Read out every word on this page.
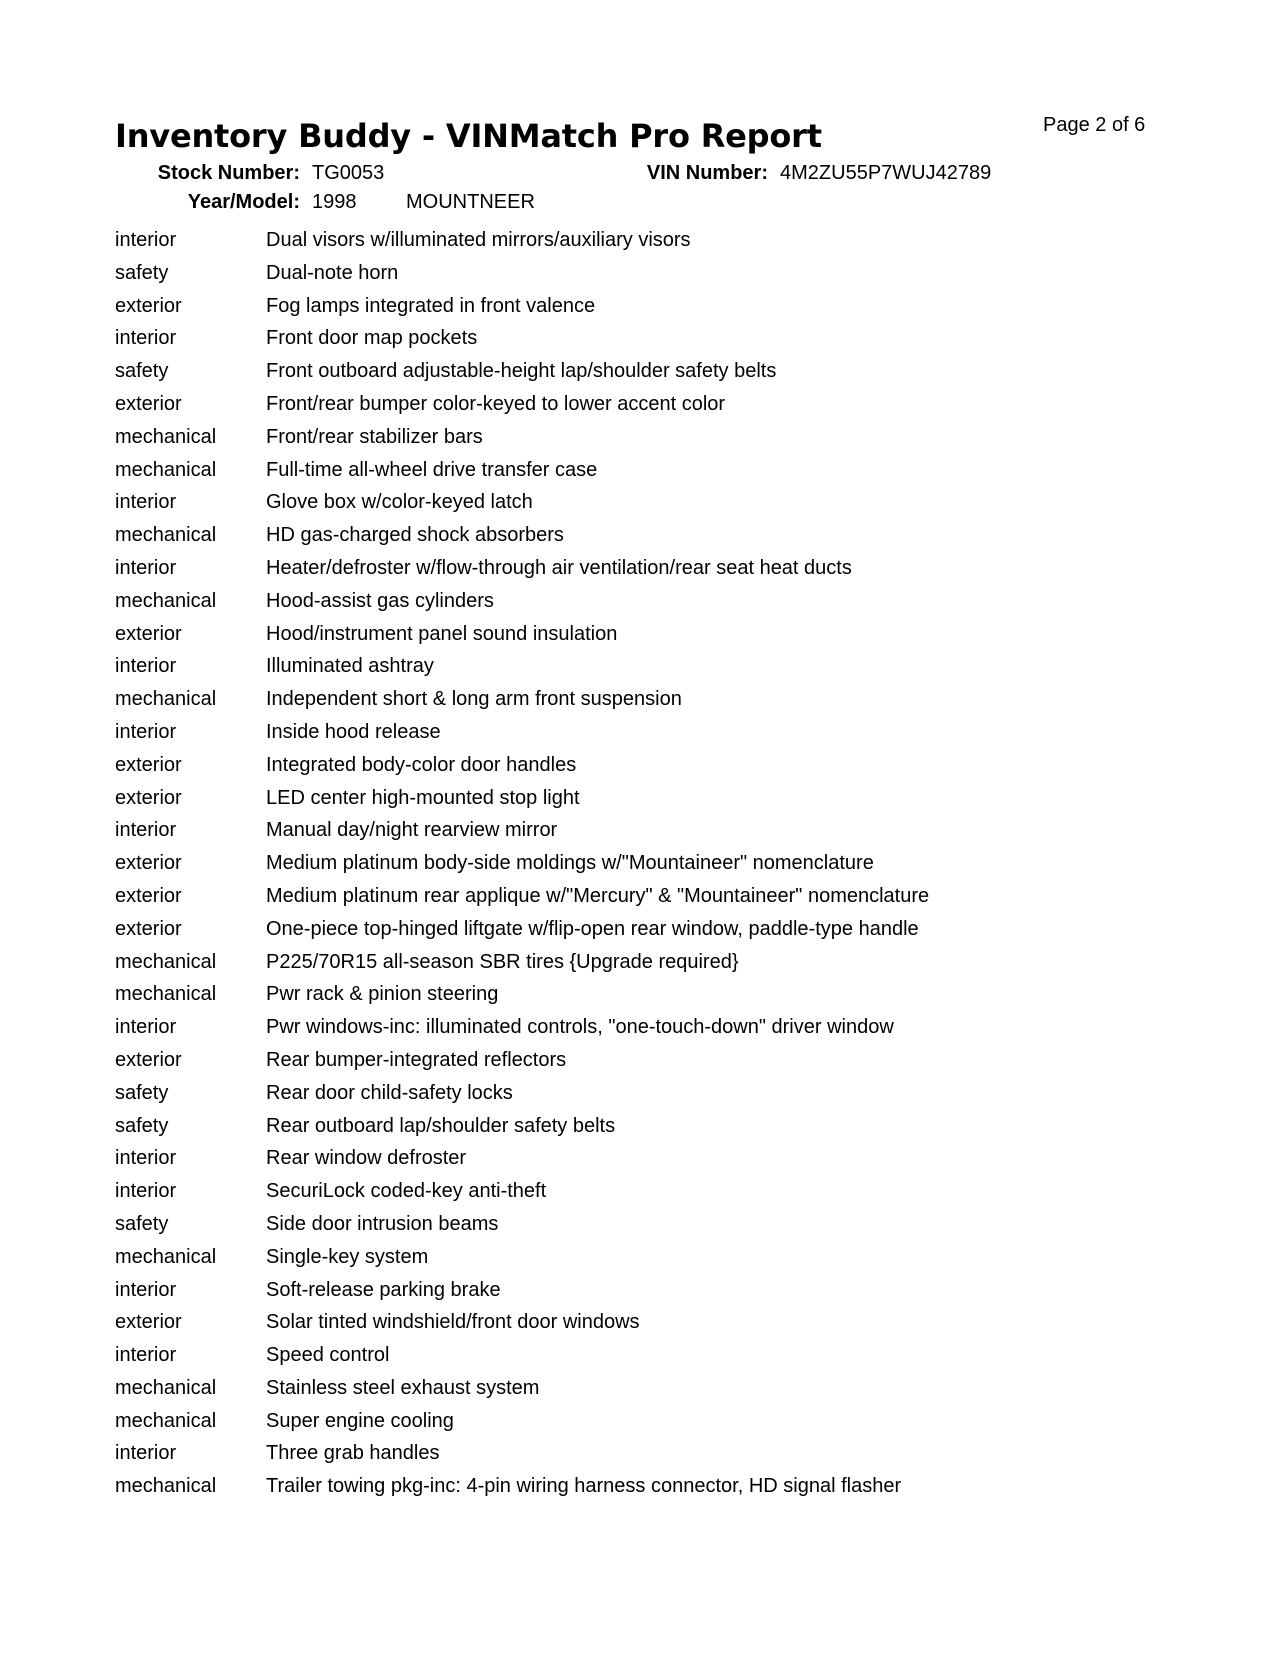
Inventory Buddy - VINMatch Pro Report	Page 2 of 6
Stock Number: TG0053	VIN Number: 4M2ZU55P7WUJ42789
Year/Model: 1998 MOUNTNEER
interior	Dual visors w/illuminated mirrors/auxiliary visors
safety	Dual-note horn
exterior	Fog lamps integrated in front valence
interior	Front door map pockets
safety	Front outboard adjustable-height lap/shoulder safety belts
exterior	Front/rear bumper color-keyed to lower accent color
mechanical Front/rear stabilizer bars
mechanical Full-time all-wheel drive transfer case
interior	Glove box w/color-keyed latch
mechanical HD gas-charged shock absorbers
interior	Heater/defroster w/flow-through air ventilation/rear seat heat ducts
mechanical Hood-assist gas cylinders
exterior	Hood/instrument panel sound insulation
interior	Illuminated ashtray
mechanical Independent short & long arm front suspension
interior	Inside hood release
exterior	Integrated body-color door handles
exterior	LED center high-mounted stop light
interior	Manual day/night rearview mirror
exterior	Medium platinum body-side moldings w/"Mountaineer" nomenclature
exterior	Medium platinum rear applique w/"Mercury" & "Mountaineer" nomenclature
exterior	One-piece top-hinged liftgate w/flip-open rear window, paddle-type handle
mechanical P225/70R15 all-season SBR tires {Upgrade required}
mechanical Pwr rack & pinion steering
interior	Pwr windows-inc: illuminated controls, "one-touch-down" driver window
exterior	Rear bumper-integrated reflectors
safety	Rear door child-safety locks
safety	Rear outboard lap/shoulder safety belts
interior	Rear window defroster
interior	SecuriLock coded-key anti-theft
safety	Side door intrusion beams
mechanical Single-key system
interior	Soft-release parking brake
exterior	Solar tinted windshield/front door windows
interior	Speed control
mechanical Stainless steel exhaust system
mechanical Super engine cooling
interior	Three grab handles
mechanical Trailer towing pkg-inc: 4-pin wiring harness connector, HD signal flasher
